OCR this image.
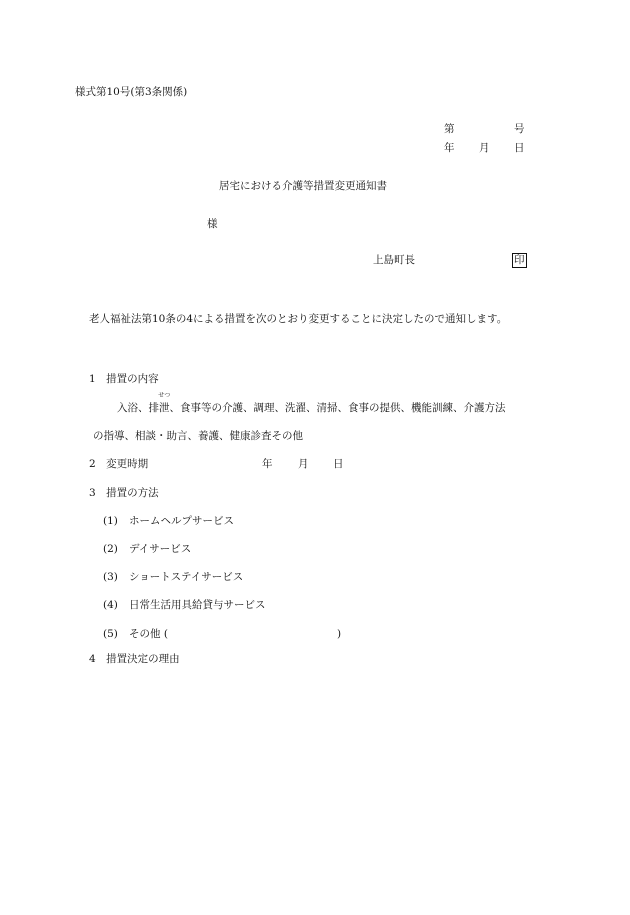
様式第10号(第3条関係)
第	号
年 月 日
居宅における介護等措置変更通知書
様
上島町長	印
老人福祉法第10条の4による措置を次のとおり変更することに決定したので通知します。
1　措置の内容
入浴、排泄
せつ
、食事等の介護、調理、洗濯、清掃、食事の提供、機能訓練、介護方法
の指導、相談・助言、養護、健康診査その他
2　変更時期	年 月 日
3　措置の方法
(1) ホームヘルプサービス
(2) デイサービス
(3) ショートステイサービス
(4) 日常生活用具給貸与サービス
(5) その他 (	)
4　措置決定の理由
